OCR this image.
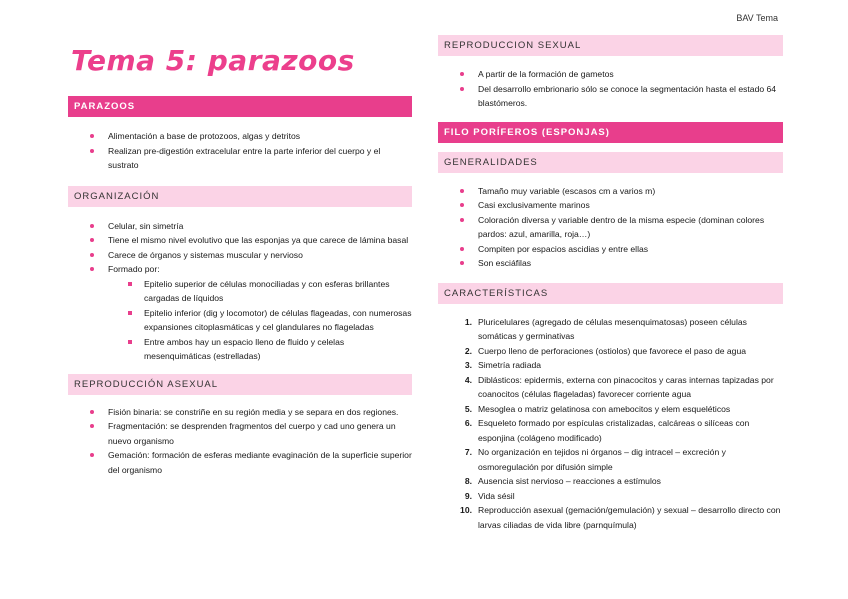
BAV Tema
Tema 5: parazoos
PARAZOOS
Alimentación a base de protozoos, algas y detritos
Realizan pre-digestión extracelular entre la parte inferior del cuerpo y el sustrato
ORGANIZACIÓN
Celular, sin simetría
Tiene el mismo nivel evolutivo que las esponjas ya que carece de lámina basal
Carece de órganos y sistemas muscular y nervioso
Formado por:
Epitelio superior de células monociliadas y con esferas brillantes cargadas de líquidos
Epitelio inferior (dig y locomotor) de células flageadas, con numerosas expansiones citoplasmáticas y cel glandulares no flageladas
Entre ambos hay un espacio lleno de fluido y celelas mesenquimáticas (estrelladas)
REPRODUCCIÓN ASEXUAL
Fisión binaria: se constriñe en su región media y se separa en dos regiones.
Fragmentación: se desprenden fragmentos del cuerpo y cad uno genera un nuevo organismo
Gemación: formación de esferas mediante evaginación de la superficie superior del organismo
REPRODUCCION SEXUAL
A partir de la formación de gametos
Del desarrollo embrionario sólo se conoce la segmentación hasta el estado 64 blastómeros.
FILO PORÍFEROS (ESPONJAS)
GENERALIDADES
Tamaño muy variable (escasos cm a varios m)
Casi exclusivamente marinos
Coloración diversa y variable dentro de la misma especie (dominan colores pardos: azul, amarilla, roja…)
Compiten por espacios ascidias y entre ellas
Son esciáfilas
CARACTERÍSTICAS
1. Pluricelulares (agregado de células mesenquimatosas) poseen células somáticas y germinativas
2. Cuerpo lleno de perforaciones (ostiolos) que favorece el paso de agua
3. Simetría radiada
4. Diblásticos: epidermis, externa con pinacocitos y caras internas tapizadas por coanocitos (células flageladas) favorecer corriente agua
5. Mesoglea o matriz gelatinosa con amebocitos y elem esqueléticos
6. Esqueleto formado por espículas cristalizadas, calcáreas o silíceas con esponjina (colágeno modificado)
7. No organización en tejidos ni órganos – dig intracel – excreción y osmoregulación por difusión simple
8. Ausencia sist nervioso – reacciones a estímulos
9. Vida sésil
10. Reproducción asexual (gemación/gemulación) y sexual – desarrollo directo con larvas ciliadas de vida libre (parnquímula)
